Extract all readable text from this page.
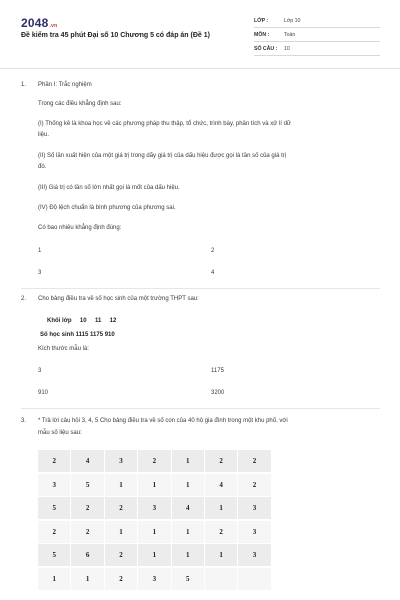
2048.vn
Đề kiểm tra 45 phút Đại số 10 Chương 5 có đáp án (Đề 1)
LỚP :	Lớp 10
MÔN :	Toán
SỐ CÂU :	10
1. Phần I: Trắc nghiệm
Trong các điều khẳng định sau:
(I) Thống kê là khoa học về các phương pháp thu thập, tổ chức, trình bày, phân tích và xử lí dữ
liệu.
(II) Số lần xuất hiện của một giá trị trong dãy giá trị của dấu hiệu được gọi là tần số của giá trị
đó.
(III) Giá trị có tần số lớn nhất gọi là mốt của dấu hiệu.
(IV) Độ lệch chuẩn là bình phương của phương sai.
Có bao nhiêu khẳng định đúng:
1	2
3	4
2. Cho bảng điều tra về số học sinh của một trường THPT sau:
Khối lớp     10     11     12
Số học sinh 1115 1175 910
Kích thước mẫu là:
3	1175
910	3200
3. * Trả lời câu hỏi 3, 4, 5 Cho bảng điều tra về số con của 40 hộ gia đình trong một khu phố, với
mẫu số liệu sau:
2	4	3	2	1	2	2
3	5	1	1	1	4	2
5	2	2	3	4	1	3
2	2	1	1	1	2	3
5	6	2	1	1	1	3
1	1	2	3	5
